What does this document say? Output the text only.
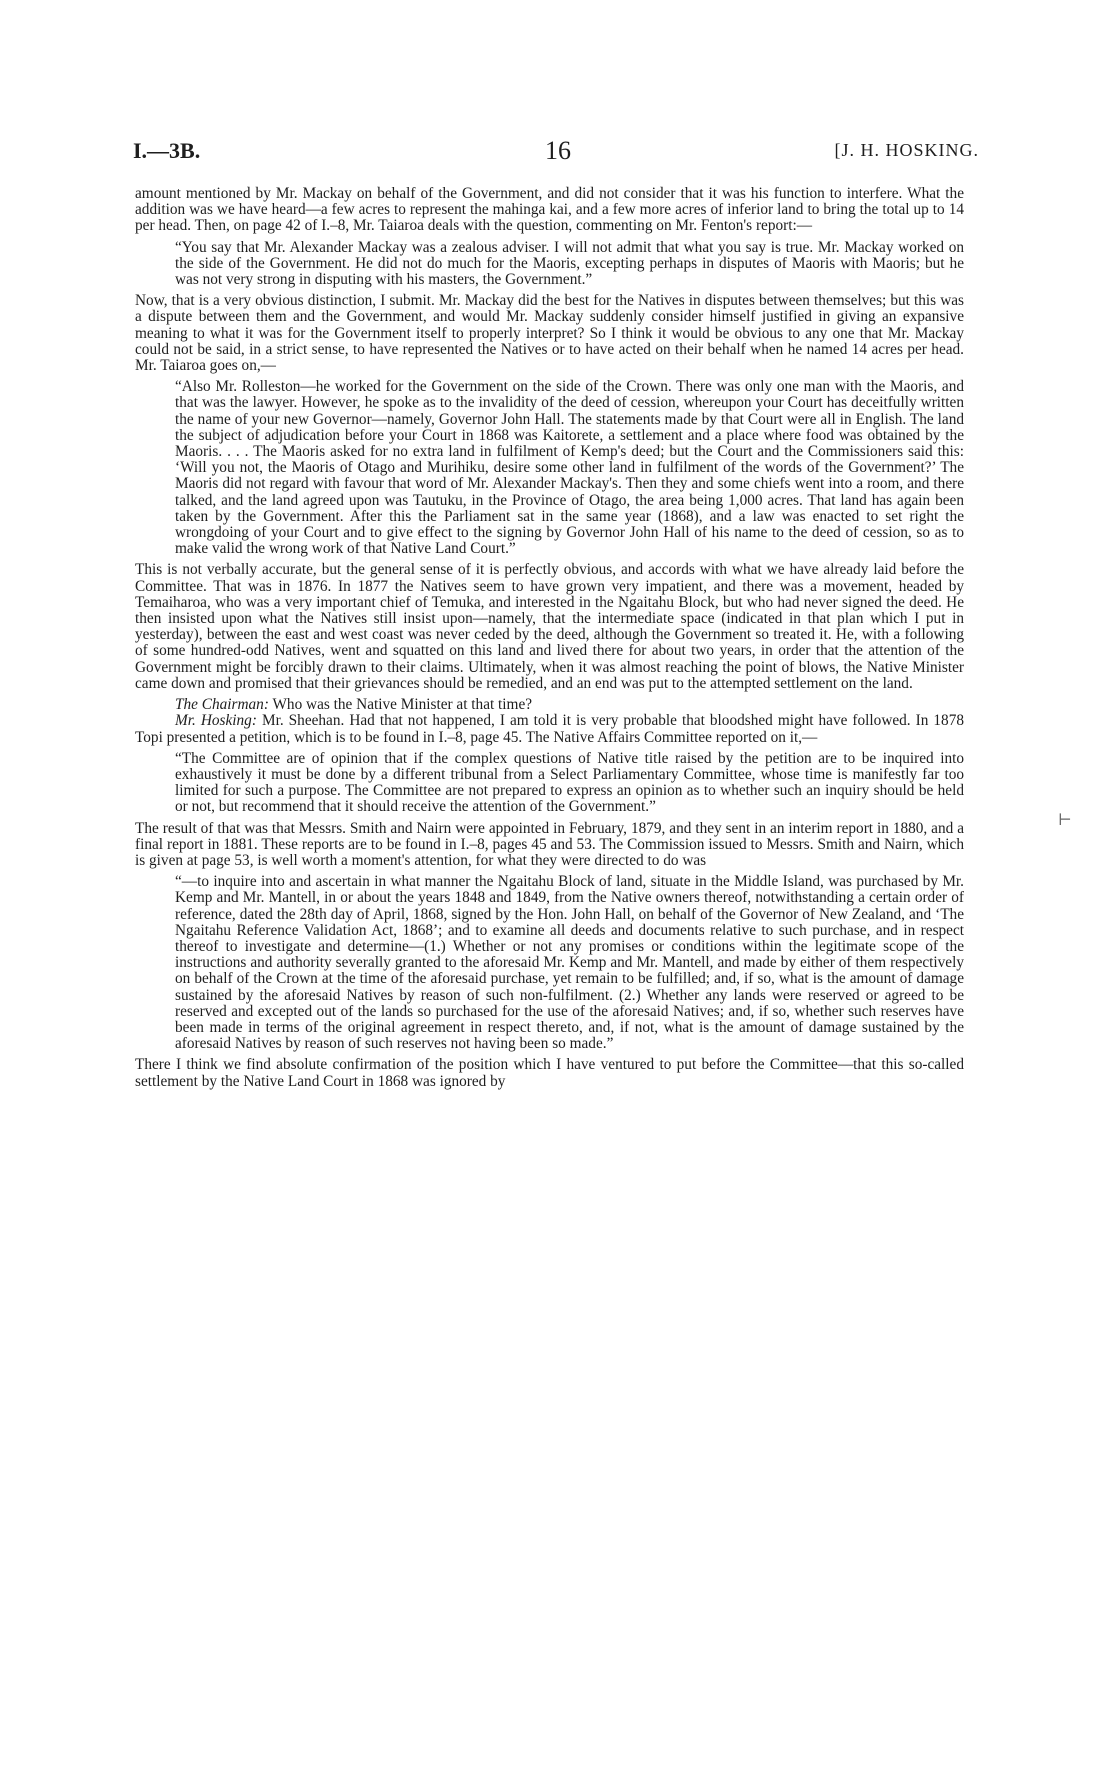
I.—3B.	16	[J. H. HOSKING.

amount mentioned by Mr. Mackay on behalf of the Government, and did not consider that it was his function to interfere. What the addition was we have heard—a few acres to represent the mahinga kai, and a few more acres of inferior land to bring the total up to 14 per head. Then, on page 42 of I.–8, Mr. Taiaroa deals with the question, commenting on Mr. Fenton's report:—

“You say that Mr. Alexander Mackay was a zealous adviser. I will not admit that what you say is true. Mr. Mackay worked on the side of the Government. He did not do much for the Maoris, excepting perhaps in disputes of Maoris with Maoris; but he was not very strong in disputing with his masters, the Government.”

Now, that is a very obvious distinction, I submit. Mr. Mackay did the best for the Natives in disputes between themselves; but this was a dispute between them and the Government, and would Mr. Mackay suddenly consider himself justified in giving an expansive meaning to what it was for the Government itself to properly interpret? So I think it would be obvious to any one that Mr. Mackay could not be said, in a strict sense, to have represented the Natives or to have acted on their behalf when he named 14 acres per head. Mr. Taiaroa goes on,—

“Also Mr. Rolleston—he worked for the Government on the side of the Crown. There was only one man with the Maoris, and that was the lawyer. However, he spoke as to the invalidity of the deed of cession, whereupon your Court has deceitfully written the name of your new Governor—namely, Governor John Hall. The statements made by that Court were all in English. The land the subject of adjudication before your Court in 1868 was Kaitorete, a settlement and a place where food was obtained by the Maoris. . . . The Maoris asked for no extra land in fulfilment of Kemp's deed; but the Court and the Commissioners said this: ‘Will you not, the Maoris of Otago and Murihiku, desire some other land in fulfilment of the words of the Government?’ The Maoris did not regard with favour that word of Mr. Alexander Mackay's. Then they and some chiefs went into a room, and there talked, and the land agreed upon was Tautuku, in the Province of Otago, the area being 1,000 acres. That land has again been taken by the Government. After this the Parliament sat in the same year (1868), and a law was enacted to set right the wrongdoing of your Court and to give effect to the signing by Governor John Hall of his name to the deed of cession, so as to make valid the wrong work of that Native Land Court.”

This is not verbally accurate, but the general sense of it is perfectly obvious, and accords with what we have already laid before the Committee. That was in 1876. In 1877 the Natives seem to have grown very impatient, and there was a movement, headed by Temaiharoa, who was a very important chief of Temuka, and interested in the Ngaitahu Block, but who had never signed the deed. He then insisted upon what the Natives still insist upon—namely, that the intermediate space (indicated in that plan which I put in yesterday), between the east and west coast was never ceded by the deed, although the Government so treated it. He, with a following of some hundred-odd Natives, went and squatted on this land and lived there for about two years, in order that the attention of the Government might be forcibly drawn to their claims. Ultimately, when it was almost reaching the point of blows, the Native Minister came down and promised that their grievances should be remedied, and an end was put to the attempted settlement on the land.

The Chairman: Who was the Native Minister at that time?

Mr. Hosking: Mr. Sheehan. Had that not happened, I am told it is very probable that bloodshed might have followed. In 1878 Topi presented a petition, which is to be found in I.–8, page 45. The Native Affairs Committee reported on it,—

“The Committee are of opinion that if the complex questions of Native title raised by the petition are to be inquired into exhaustively it must be done by a different tribunal from a Select Parliamentary Committee, whose time is manifestly far too limited for such a purpose. The Committee are not prepared to express an opinion as to whether such an inquiry should be held or not, but recommend that it should receive the attention of the Government.”

The result of that was that Messrs. Smith and Nairn were appointed in February, 1879, and they sent in an interim report in 1880, and a final report in 1881. These reports are to be found in I.–8, pages 45 and 53. The Commission issued to Messrs. Smith and Nairn, which is given at page 53, is well worth a moment's attention, for what they were directed to do was

“—to inquire into and ascertain in what manner the Ngaitahu Block of land, situate in the Middle Island, was purchased by Mr. Kemp and Mr. Mantell, in or about the years 1848 and 1849, from the Native owners thereof, notwithstanding a certain order of reference, dated the 28th day of April, 1868, signed by the Hon. John Hall, on behalf of the Governor of New Zealand, and ‘The Ngaitahu Reference Validation Act, 1868’; and to examine all deeds and documents relative to such purchase, and in respect thereof to investigate and determine—(1.) Whether or not any promises or conditions within the legitimate scope of the instructions and authority severally granted to the aforesaid Mr. Kemp and Mr. Mantell, and made by either of them respectively on behalf of the Crown at the time of the aforesaid purchase, yet remain to be fulfilled; and, if so, what is the amount of damage sustained by the aforesaid Natives by reason of such non-fulfilment. (2.) Whether any lands were reserved or agreed to be reserved and excepted out of the lands so purchased for the use of the aforesaid Natives; and, if so, whether such reserves have been made in terms of the original agreement in respect thereto, and, if not, what is the amount of damage sustained by the aforesaid Natives by reason of such reserves not having been so made.”

There I think we find absolute confirmation of the position which I have ventured to put before the Committee—that this so-called settlement by the Native Land Court in 1868 was ignored by

⊢
